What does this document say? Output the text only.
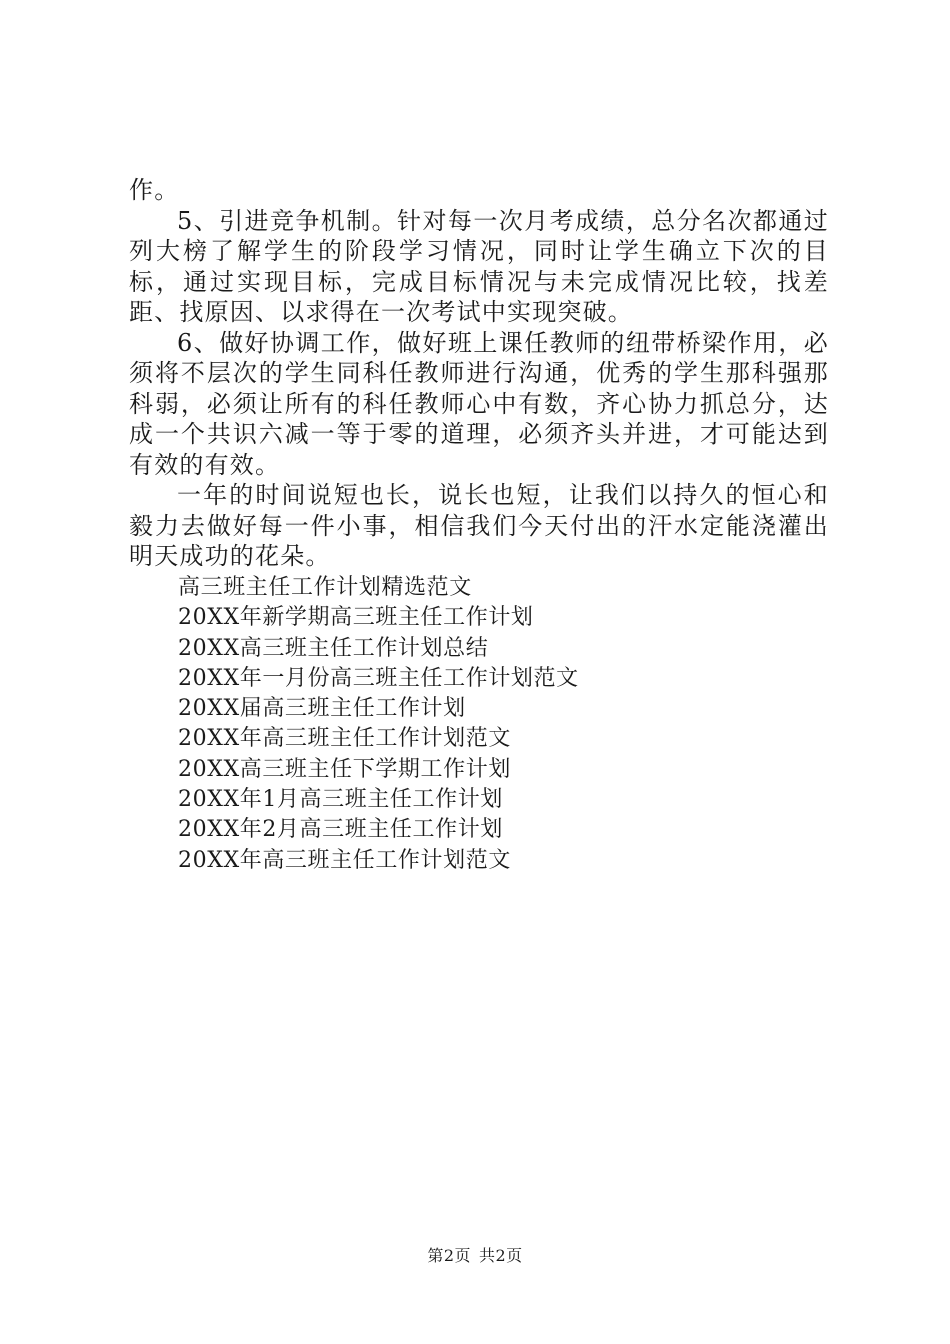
作。

5、引进竞争机制。针对每一次月考成绩，总分名次都通过列大榜了解学生的阶段学习情况，同时让学生确立下次的目标，通过实现目标，完成目标情况与未完成情况比较，找差距、找原因、以求得在一次考试中实现突破。

6、做好协调工作，做好班上课任教师的纽带桥梁作用，必须将不层次的学生同科任教师进行沟通，优秀的学生那科强那科弱，必须让所有的科任教师心中有数，齐心协力抓总分，达成一个共识六减一等于零的道理，必须齐头并进，才可能达到有效的有效。

一年的时间说短也长，说长也短，让我们以持久的恒心和毅力去做好每一件小事，相信我们今天付出的汗水定能浇灌出明天成功的花朵。

高三班主任工作计划精选范文
20XX年新学期高三班主任工作计划
20XX高三班主任工作计划总结
20XX年一月份高三班主任工作计划范文
20XX届高三班主任工作计划
20XX年高三班主任工作计划范文
20XX高三班主任下学期工作计划
20XX年1月高三班主任工作计划
20XX年2月高三班主任工作计划
20XX年高三班主任工作计划范文
第2页 共2页
